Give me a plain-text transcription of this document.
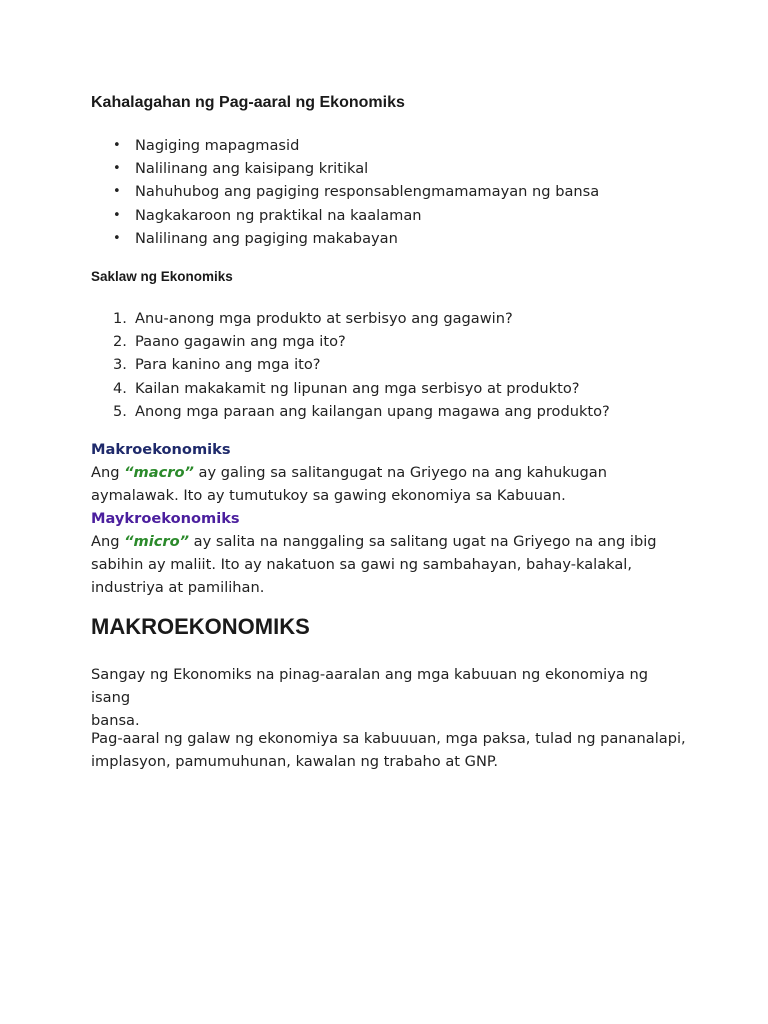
Kahalagahan ng Pag-aaral ng Ekonomiks
• Nagiging mapagmasid
• Nalilinang ang kaisipang kritikal
• Nahuhubog ang pagiging responsablengmamamayan ng bansa
• Nagkakaroon ng praktikal na kaalaman
• Nalilinang ang pagiging makabayan
Saklaw ng Ekonomiks
1. Anu-anong mga produkto at serbisyo ang gagawin?
2. Paano gagawin ang mga ito?
3. Para kanino ang mga ito?
4. Kailan makakamit ng lipunan ang mga serbisyo at produkto?
5. Anong mga paraan ang kailangan upang magawa ang produkto?
Makroekonomiks
Ang “macro” ay galing sa salitangugat na Griyego na ang kahukugan
aymalawak. Ito ay tumutukoy sa gawing ekonomiya sa Kabuuan.
Maykroekonomiks
Ang “micro” ay salita na nanggaling sa salitang ugat na Griyego na ang ibig
sabihin ay maliit. Ito ay nakatuon sa gawi ng sambahayan, bahay-kalakal,
industriya at pamilihan.
MAKROEKONOMIKS
Sangay ng Ekonomiks na pinag-aaralan ang mga kabuuan ng ekonomiya ng isang
bansa.
Pag-aaral ng galaw ng ekonomiya sa kabuuuan, mga paksa, tulad ng pananalapi,
implasyon, pamumuhunan, kawalan ng trabaho at GNP.
